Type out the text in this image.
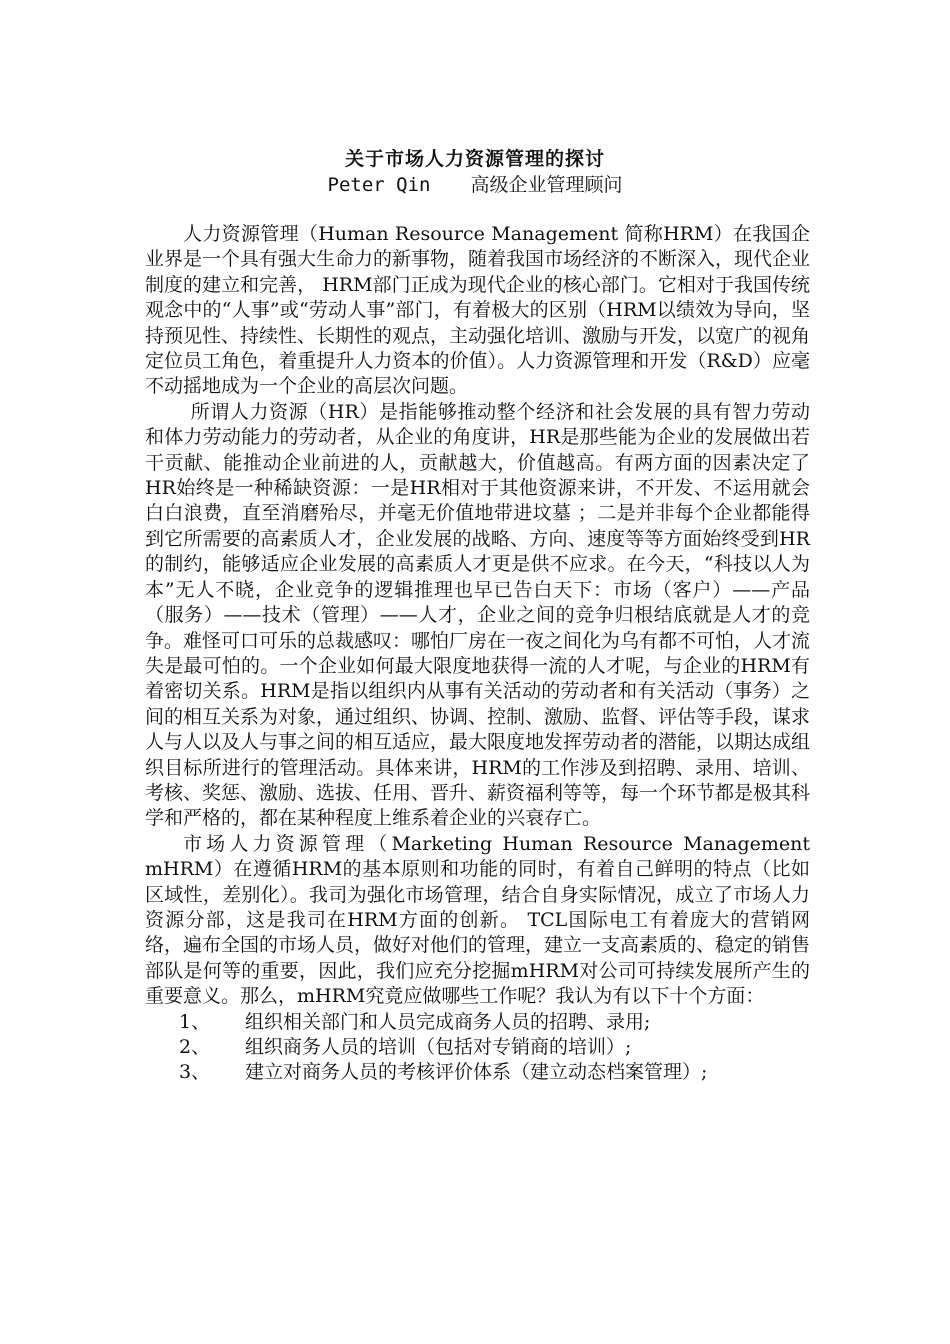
关于市场人力资源管理的探讨
Peter Qin 高级企业管理顾问

人力资源管理（Human Resource Management 简称HRM）在我国企业界是一个具有强大生命力的新事物，随着我国市场经济的不断深入，现代企业制度的建立和完善， HRM部门正成为现代企业的核心部门。它相对于我国传统观念中的“人事”或“劳动人事”部门，有着极大的区别（HRM以绩效为导向，坚持预见性、持续性、长期性的观点，主动强化培训、激励与开发，以宽广的视角定位员工角色，着重提升人力资本的价值）。人力资源管理和开发（R&D）应毫不动摇地成为一个企业的高层次问题。

所谓人力资源（HR）是指能够推动整个经济和社会发展的具有智力劳动和体力劳动能力的劳动者，从企业的角度讲，HR是那些能为企业的发展做出若干贡献、能推动企业前进的人，贡献越大，价值越高。有两方面的因素决定了HR始终是一种稀缺资源：一是HR相对于其他资源来讲，不开发、不运用就会白白浪费，直至消磨殆尽，并毫无价值地带进坟墓 ；二是并非每个企业都能得到它所需要的高素质人才，企业发展的战略、方向、速度等等方面始终受到HR的制约，能够适应企业发展的高素质人才更是供不应求。在今天，“科技以人为本”无人不晓，企业竞争的逻辑推理也早已告白天下：市场（客户）——产品（服务）——技术（管理）——人才，企业之间的竞争归根结底就是人才的竞争。难怪可口可乐的总裁感叹：哪怕厂房在一夜之间化为乌有都不可怕，人才流失是最可怕的。一个企业如何最大限度地获得一流的人才呢，与企业的HRM有着密切关系。HRM是指以组织内从事有关活动的劳动者和有关活动（事务）之间的相互关系为对象，通过组织、协调、控制、激励、监督、评估等手段，谋求人与人以及人与事之间的相互适应，最大限度地发挥劳动者的潜能，以期达成组织目标所进行的管理活动。具体来讲，HRM的工作涉及到招聘、录用、培训、考核、奖惩、激励、选拔、任用、晋升、薪资福利等等，每一个环节都是极其科学和严格的，都在某种程度上维系着企业的兴衰存亡。

市场人力资源管理（Marketing Human Resource Management mHRM）在遵循HRM的基本原则和功能的同时，有着自己鲜明的特点（比如区域性，差别化）。我司为强化市场管理，结合自身实际情况，成立了市场人力资源分部，这是我司在HRM方面的创新。 TCL国际电工有着庞大的营销网络，遍布全国的市场人员，做好对他们的管理，建立一支高素质的、稳定的销售部队是何等的重要，因此，我们应充分挖掘mHRM对公司可持续发展所产生的重要意义。那么，mHRM究竟应做哪些工作呢？我认为有以下十个方面：

1、 组织相关部门和人员完成商务人员的招聘、录用;
2、 组织商务人员的培训（包括对专销商的培训）;
3、 建立对商务人员的考核评价体系（建立动态档案管理）;
